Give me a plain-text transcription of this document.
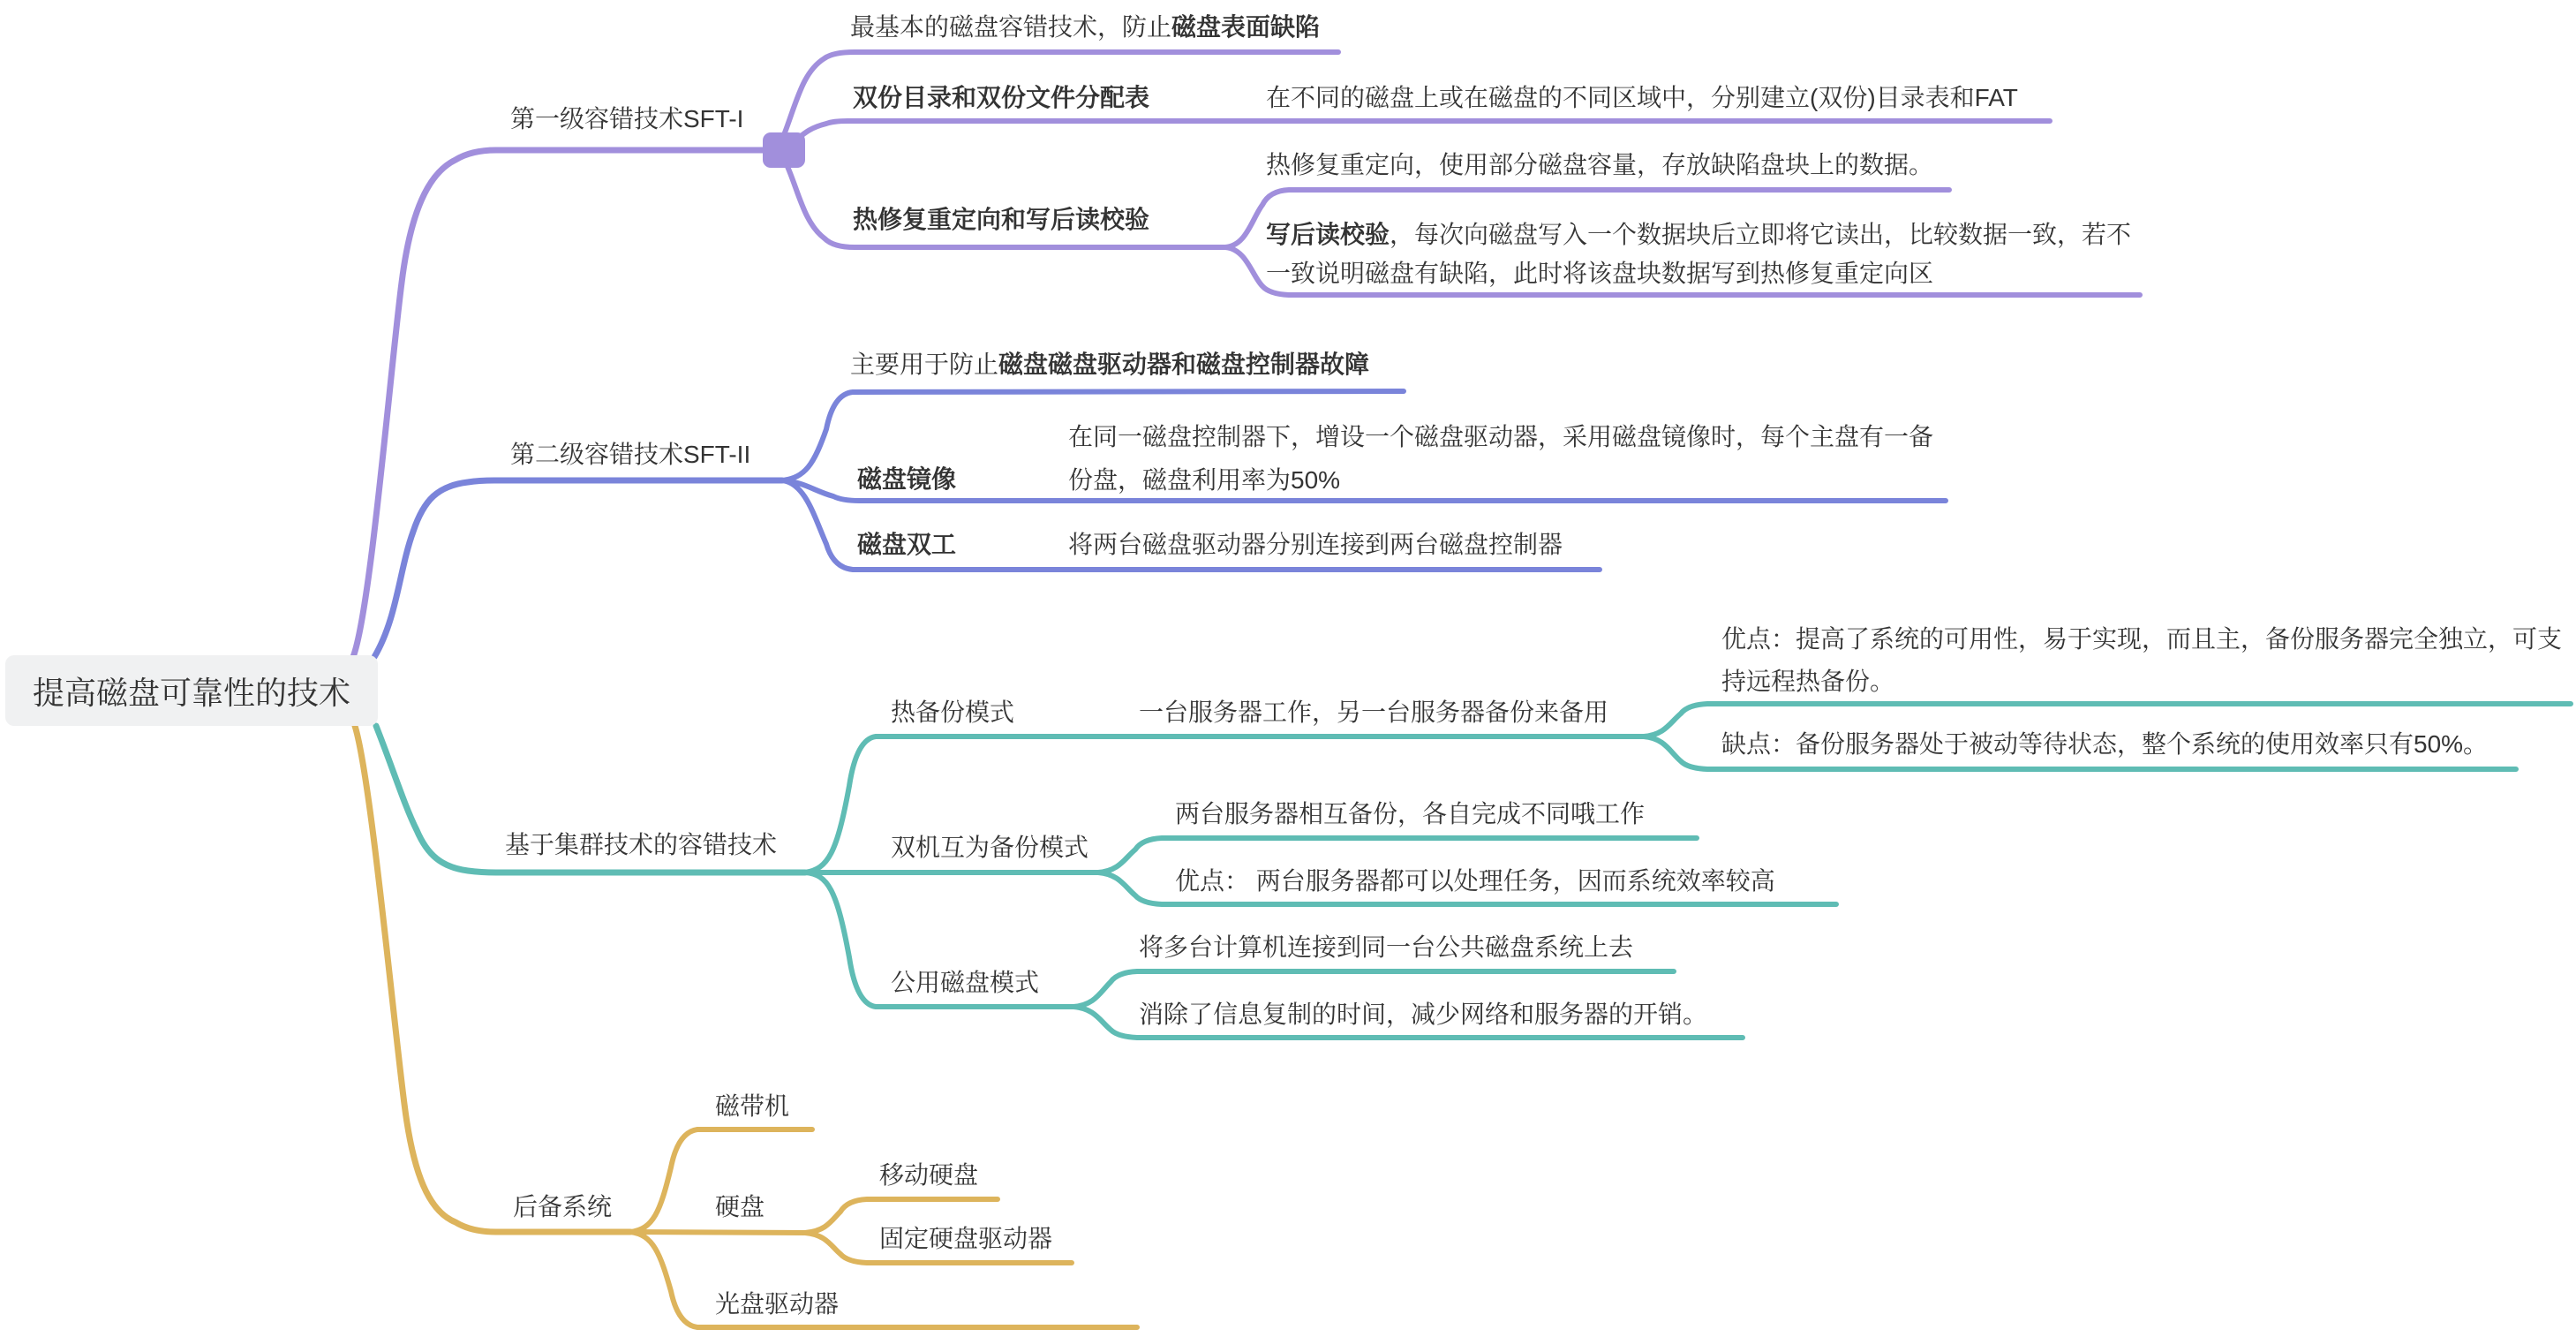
提高磁盘可靠性的技术
第一级容错技术SFT-I
最基本的磁盘容错技术，防止磁盘表面缺陷
双份目录和双份文件分配表	在不同的磁盘上或在磁盘的不同区域中，分别建立(双份)目录表和FAT
热修复重定向和写后读校验
热修复重定向，使用部分磁盘容量，存放缺陷盘块上的数据。
写后读校验，每次向磁盘写入一个数据块后立即将它读出，比较数据一致，若不一致说明磁盘有缺陷，此时将该盘块数据写到热修复重定向区
第二级容错技术SFT-II
主要用于防止磁盘磁盘驱动器和磁盘控制器故障
磁盘镜像
在同一磁盘控制器下，增设一个磁盘驱动器，采用磁盘镜像时，每个主盘有一备份盘，磁盘利用率为50%
磁盘双工	将两台磁盘驱动器分别连接到两台磁盘控制器
基于集群技术的容错技术
热备份模式	一台服务器工作，另一台服务器备份来备用
优点：提高了系统的可用性，易于实现，而且主，备份服务器完全独立，可支持远程热备份。
缺点：备份服务器处于被动等待状态，整个系统的使用效率只有50%。
双机互为备份模式
两台服务器相互备份，各自完成不同哦工作
优点： 两台服务器都可以处理任务，因而系统效率较高
公用磁盘模式
将多台计算机连接到同一台公共磁盘系统上去
消除了信息复制的时间，减少网络和服务器的开销。
后备系统
磁带机
硬盘
移动硬盘
固定硬盘驱动器
光盘驱动器
